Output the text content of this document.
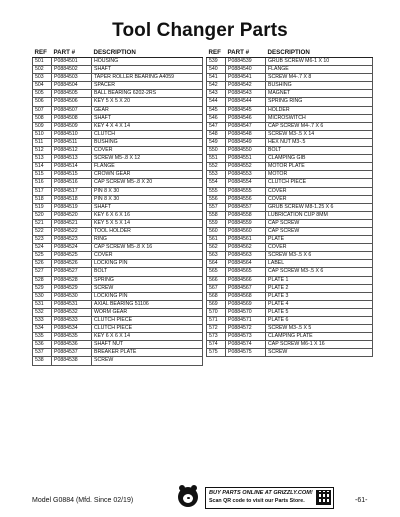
Tool Changer Parts
REF	PART #	DESCRIPTION
501	P0884501	HOUSING
502	P0884502	SHAFT
503	P0884503	TAPER ROLLER BEARING A4059
504	P0884504	SPACER
505	P0884505	BALL BEARING 6202-2RS
506	P0884506	KEY 5 X 5 X 20
507	P0884507	GEAR
508	P0884508	SHAFT
509	P0884509	KEY 4 X 4 X 14
510	P0884510	CLUTCH
511	P0884511	BUSHING
512	P0884512	COVER
513	P0884513	SCREW M5-.8 X 12
514	P0884514	FLANGE
515	P0884515	CROWN GEAR
516	P0884516	CAP SCREW M5-.8 X 20
517	P0884517	PIN 8 X 30
518	P0884518	PIN 8 X 30
519	P0884519	SHAFT
520	P0884520	KEY 6 X 6 X 16
521	P0884521	KEY 5 X 5 X 14
522	P0884522	TOOL HOLDER
523	P0884523	RING
524	P0884524	CAP SCREW M5-.8 X 16
525	P0884525	COVER
526	P0884526	LOCKING PIN
527	P0884527	BOLT
528	P0884528	SPRING
529	P0884529	SCREW
530	P0884530	LOCKING PIN
531	P0884531	AXIAL BEARING 51106
532	P0884532	WORM GEAR
533	P0884533	CLUTCH PIECE
534	P0884534	CLUTCH PIECE
535	P0884535	KEY 6 X 6 X 14
536	P0884536	SHAFT NUT
537	P0884537	BREAKER PLATE
538	P0884538	SCREW
REF	PART #	DESCRIPTION
539	P0884539	GRUB SCREW M6-1 X 10
540	P0884540	FLANGE
541	P0884541	SCREW M4-.7 X 8
542	P0884542	BUSHING
543	P0884543	MAGNET
544	P0884544	SPRING RING
545	P0884545	HOLDER
546	P0884546	MICROSWITCH
547	P0884547	CAP SCREW M4-.7 X 6
548	P0884548	SCREW M3-.5 X 14
549	P0884549	HEX NUT M3-.5
550	P0884550	BOLT
551	P0884551	CLAMPING GIB
552	P0884552	MOTOR PLATE
553	P0884553	MOTOR
554	P0884554	CLUTCH PIECE
555	P0884555	COVER
556	P0884556	COVER
557	P0884557	GRUB SCREW M8-1.25 X 6
558	P0884558	LUBRICATION CUP 8MM
559	P0884559	CAP SCREW
560	P0884560	CAP SCREW
561	P0884561	PLATE
562	P0884562	COVER
563	P0884563	SCREW M3-.5 X 6
564	P0884564	LABEL
565	P0884565	CAP SCREW M3-.5 X 6
566	P0884566	PLATE 1
567	P0884567	PLATE 2
568	P0884568	PLATE 3
569	P0884569	PLATE 4
570	P0884570	PLATE 5
571	P0884571	PLATE 6
572	P0884572	SCREW M3-.5 X 5
573	P0884573	CLAMPING PLATE
574	P0884574	CAP SCREW M6-1 X 16
575	P0884575	SCREW
Model G0884 (Mfd. Since 02/19)
BUY PARTS ONLINE AT GRIZZLY.COM!
Scan QR code to visit our Parts Store.	-61-
